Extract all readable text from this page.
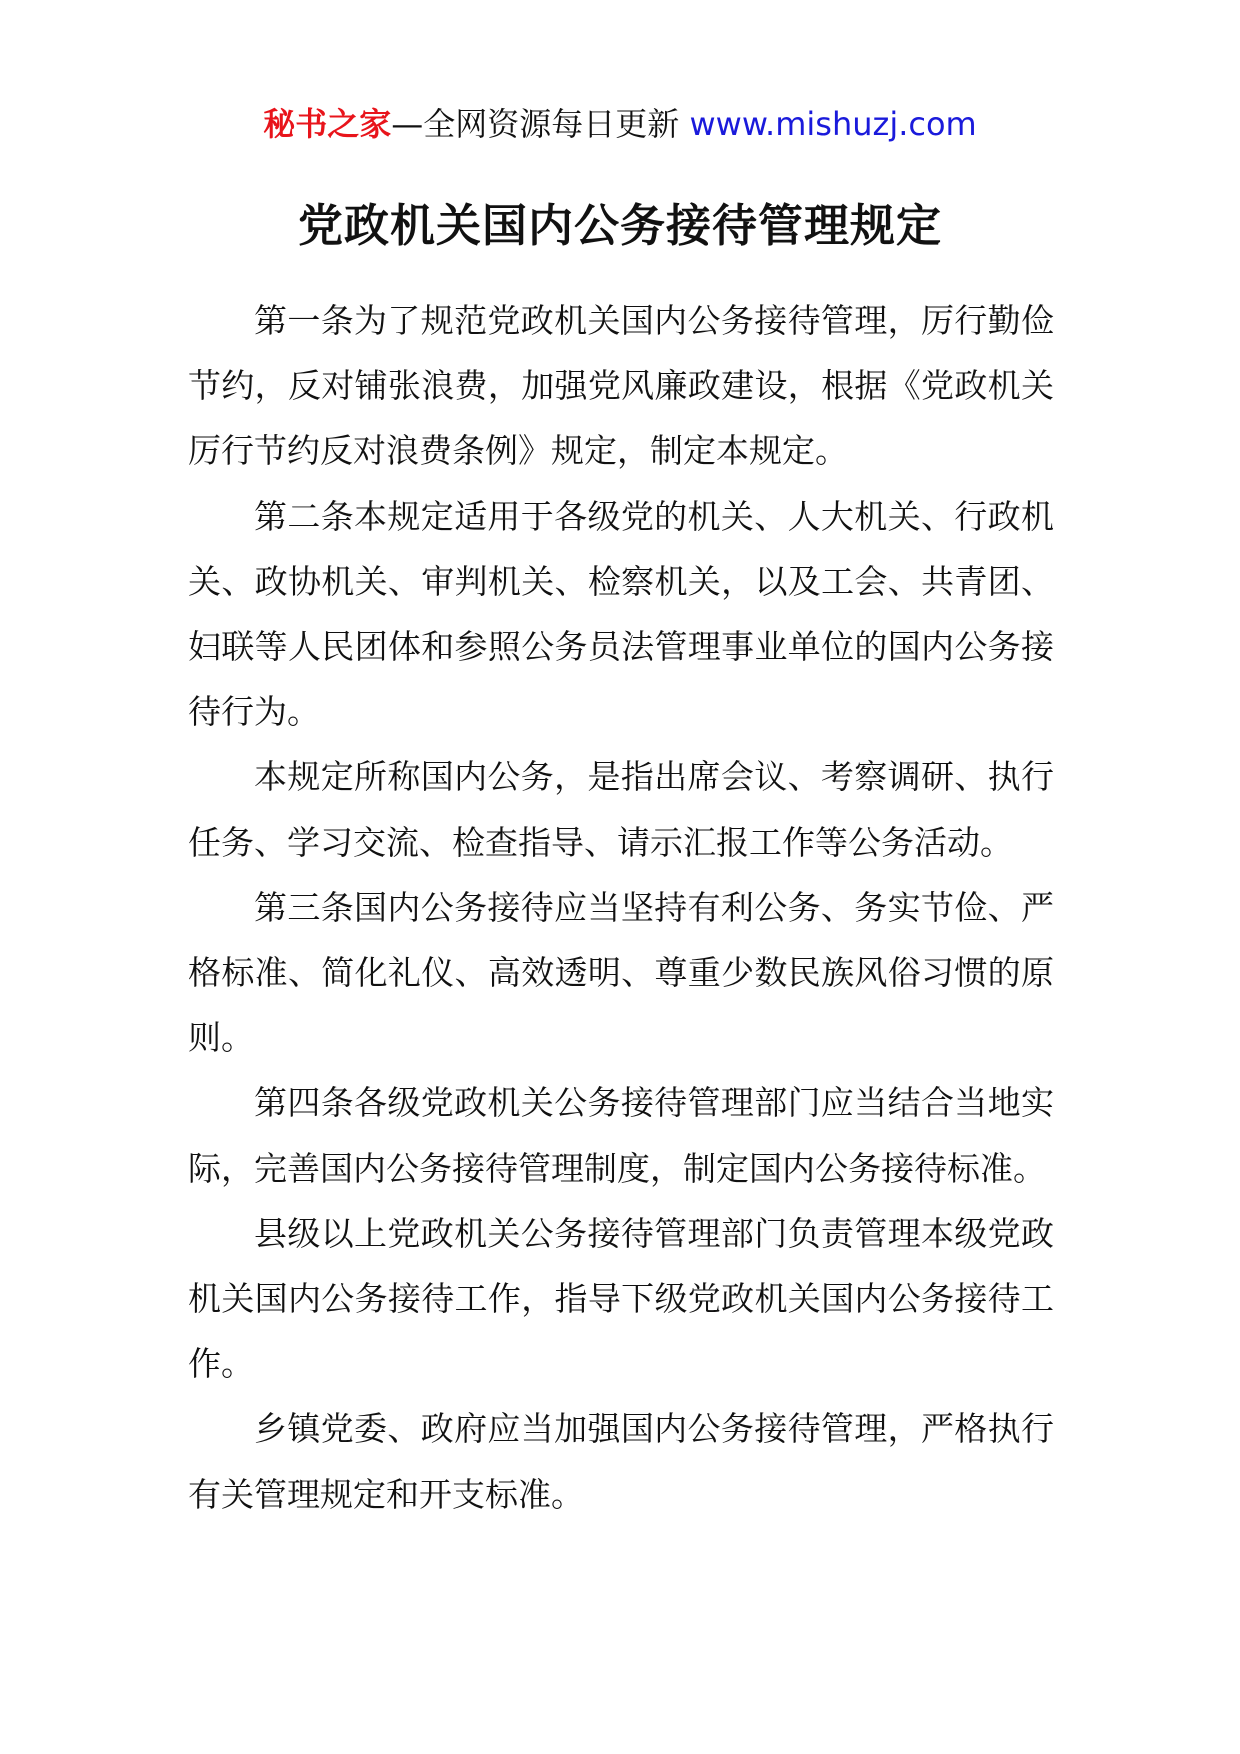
秘书之家—全网资源每日更新 www.mishuzj.com
党政机关国内公务接待管理规定

第一条为了规范党政机关国内公务接待管理，厉行勤俭节约，反对铺张浪费，加强党风廉政建设，根据《党政机关厉行节约反对浪费条例》规定，制定本规定。

第二条本规定适用于各级党的机关、人大机关、行政机关、政协机关、审判机关、检察机关，以及工会、共青团、妇联等人民团体和参照公务员法管理事业单位的国内公务接待行为。

本规定所称国内公务，是指出席会议、考察调研、执行任务、学习交流、检查指导、请示汇报工作等公务活动。

第三条国内公务接待应当坚持有利公务、务实节俭、严格标准、简化礼仪、高效透明、尊重少数民族风俗习惯的原则。

第四条各级党政机关公务接待管理部门应当结合当地实际，完善国内公务接待管理制度，制定国内公务接待标准。

县级以上党政机关公务接待管理部门负责管理本级党政机关国内公务接待工作，指导下级党政机关国内公务接待工作。

乡镇党委、政府应当加强国内公务接待管理，严格执行有关管理规定和开支标准。
